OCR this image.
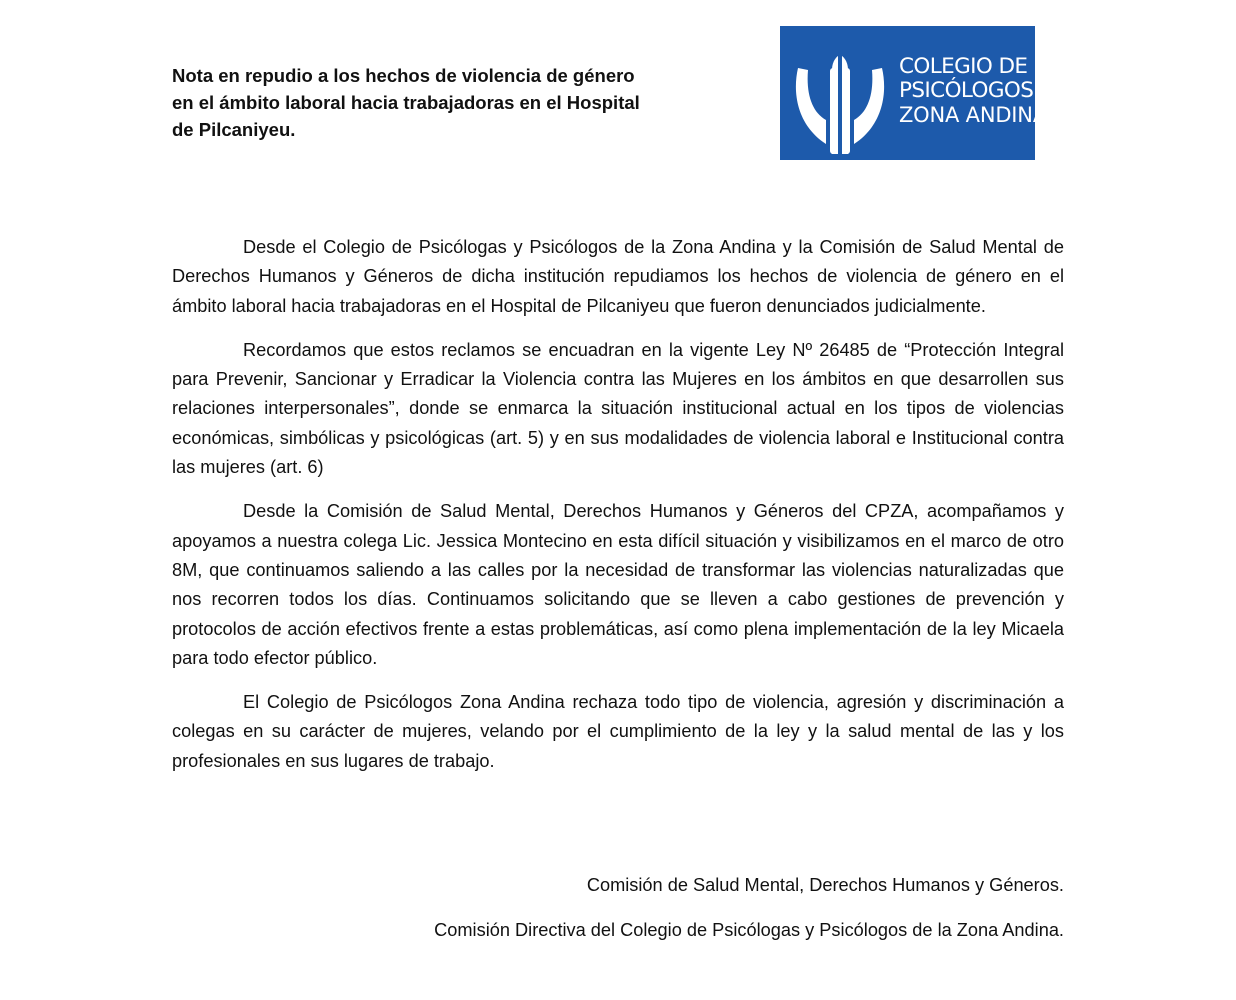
Nota en repudio a los hechos de violencia de género
en el ámbito laboral hacia trabajadoras en el Hospital
de Pilcaniyeu.
COLEGIO DE
PSICÓLOGOS
ZONA ANDINA

Desde el Colegio de Psicólogas y Psicólogos de la Zona Andina y la Comisión de Salud Mental de Derechos Humanos y Géneros de dicha institución repudiamos los hechos de violencia de género en el ámbito laboral hacia trabajadoras en el Hospital de Pilcaniyeu que fueron denunciados judicialmente.

Recordamos que estos reclamos se encuadran en la vigente Ley Nº 26485 de “Protección Integral para Prevenir, Sancionar y Erradicar la Violencia contra las Mujeres en los ámbitos en que desarrollen sus relaciones interpersonales”, donde se enmarca la situación institucional actual en los tipos de violencias económicas, simbólicas y psicológicas (art. 5) y en sus modalidades de violencia laboral e Institucional contra las mujeres (art. 6)

Desde la Comisión de Salud Mental, Derechos Humanos y Géneros del CPZA, acompañamos y apoyamos a nuestra colega Lic. Jessica Montecino en esta difícil situación y visibilizamos en el marco de otro 8M, que continuamos saliendo a las calles por la necesidad de transformar las violencias naturalizadas que nos recorren todos los días. Continuamos solicitando que se lleven a cabo gestiones de prevención y protocolos de acción efectivos frente a estas problemáticas, así como plena implementación de la ley Micaela para todo efector público.

El Colegio de Psicólogos Zona Andina rechaza todo tipo de violencia, agresión y discriminación a colegas en su carácter de mujeres, velando por el cumplimiento de la ley y la salud mental de las y los profesionales en sus lugares de trabajo.

Comisión de Salud Mental, Derechos Humanos y Géneros.
Comisión Directiva del Colegio de Psicólogas y Psicólogos de la Zona Andina.
